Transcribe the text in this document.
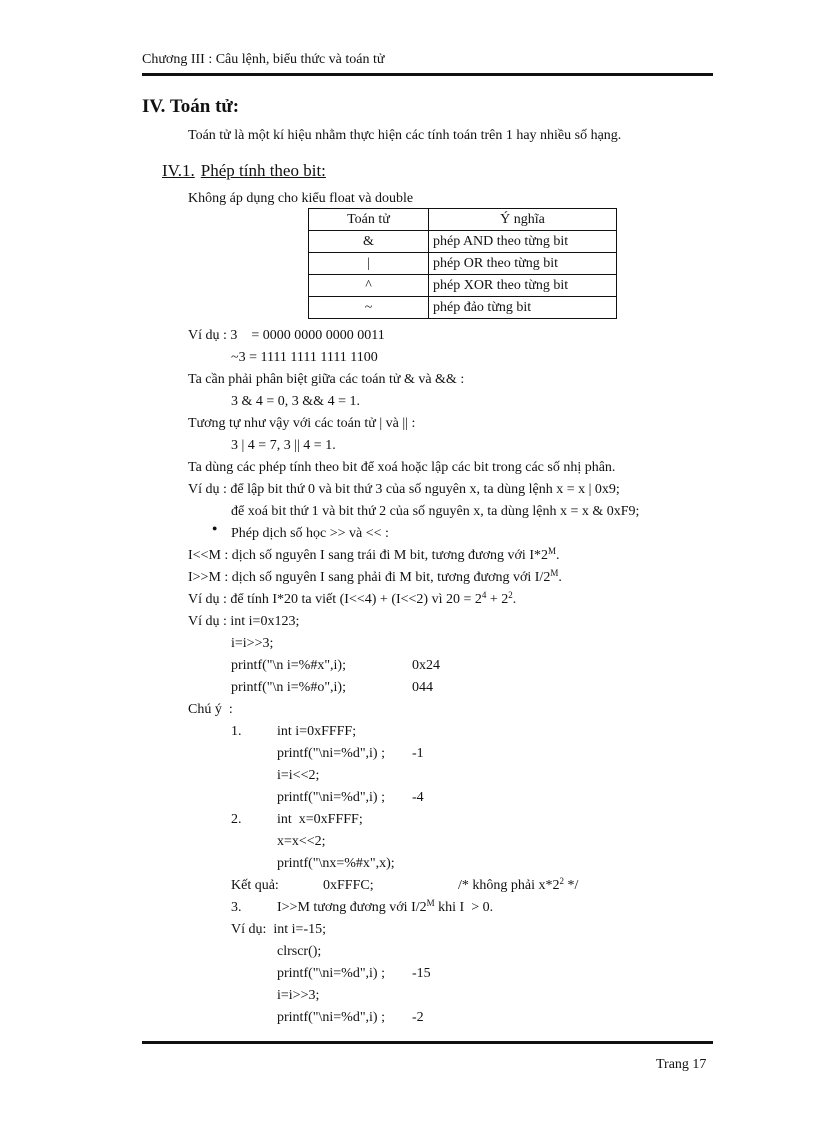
Chương III : Câu lệnh, biểu thức và toán tử
IV. Toán tử:
Toán tử là một kí hiệu nhằm thực hiện các tính toán trên 1 hay nhiều số hạng.
IV.1. Phép tính theo bit:
Không áp dụng cho kiểu float và double
Toán tử	Ý nghĩa
&	phép AND theo từng bit
|	phép OR theo từng bit
^	phép XOR theo từng bit
~	phép đảo từng bit
Ví dụ : 3    = 0000 0000 0000 0011
~3 = 1111 1111 1111 1100
Ta cần phải phân biệt giữa các toán tử & và && :
3 & 4 = 0, 3 && 4 = 1.
Tương tự như vậy với các toán tử | và || :
3 | 4 = 7, 3 || 4 = 1.
Ta dùng các phép tính theo bit để xoá hoặc lập các bit trong các số nhị phân.
Ví dụ : để lập bit thứ 0 và bit thứ 3 của số nguyên x, ta dùng lệnh x = x | 0x9;
để xoá bit thứ 1 và bit thứ 2 của số nguyên x, ta dùng lệnh x = x & 0xF9;
● Phép dịch số học >> và << :
I<<M : dịch số nguyên I sang trái đi M bit, tương đương với $I*2^M$.
I>>M : dịch số nguyên I sang phải đi M bit, tương đương với $I/2^M$.
Ví dụ : để tính I*20 ta viết (I<<4) + (I<<2) vì $20 = 2^4 + 2^2$.
Ví dụ : int i=0x123;
i=i>>3;
printf("\n i=%#x",i);	0x24
printf("\n i=%#o",i);	044
Chú ý  :
1.	int i=0xFFFF;
printf("\ni=%d",i) ; -1
i=i<<2;
printf("\ni=%d",i) ; -4
2.	int  x=0xFFFF;
x=x<<2;
printf("\nx=%#x",x);
Kết quả:	0xFFFC;	/* không phải $x*2^2$ */
3.	I>>M tương đương với $I/2^M$ khi I  > 0.
Ví dụ:  int i=-15;
clrscr();
printf("\ni=%d",i) ; -15
i=i>>3;
printf("\ni=%d",i) ; -2
Trang 17
